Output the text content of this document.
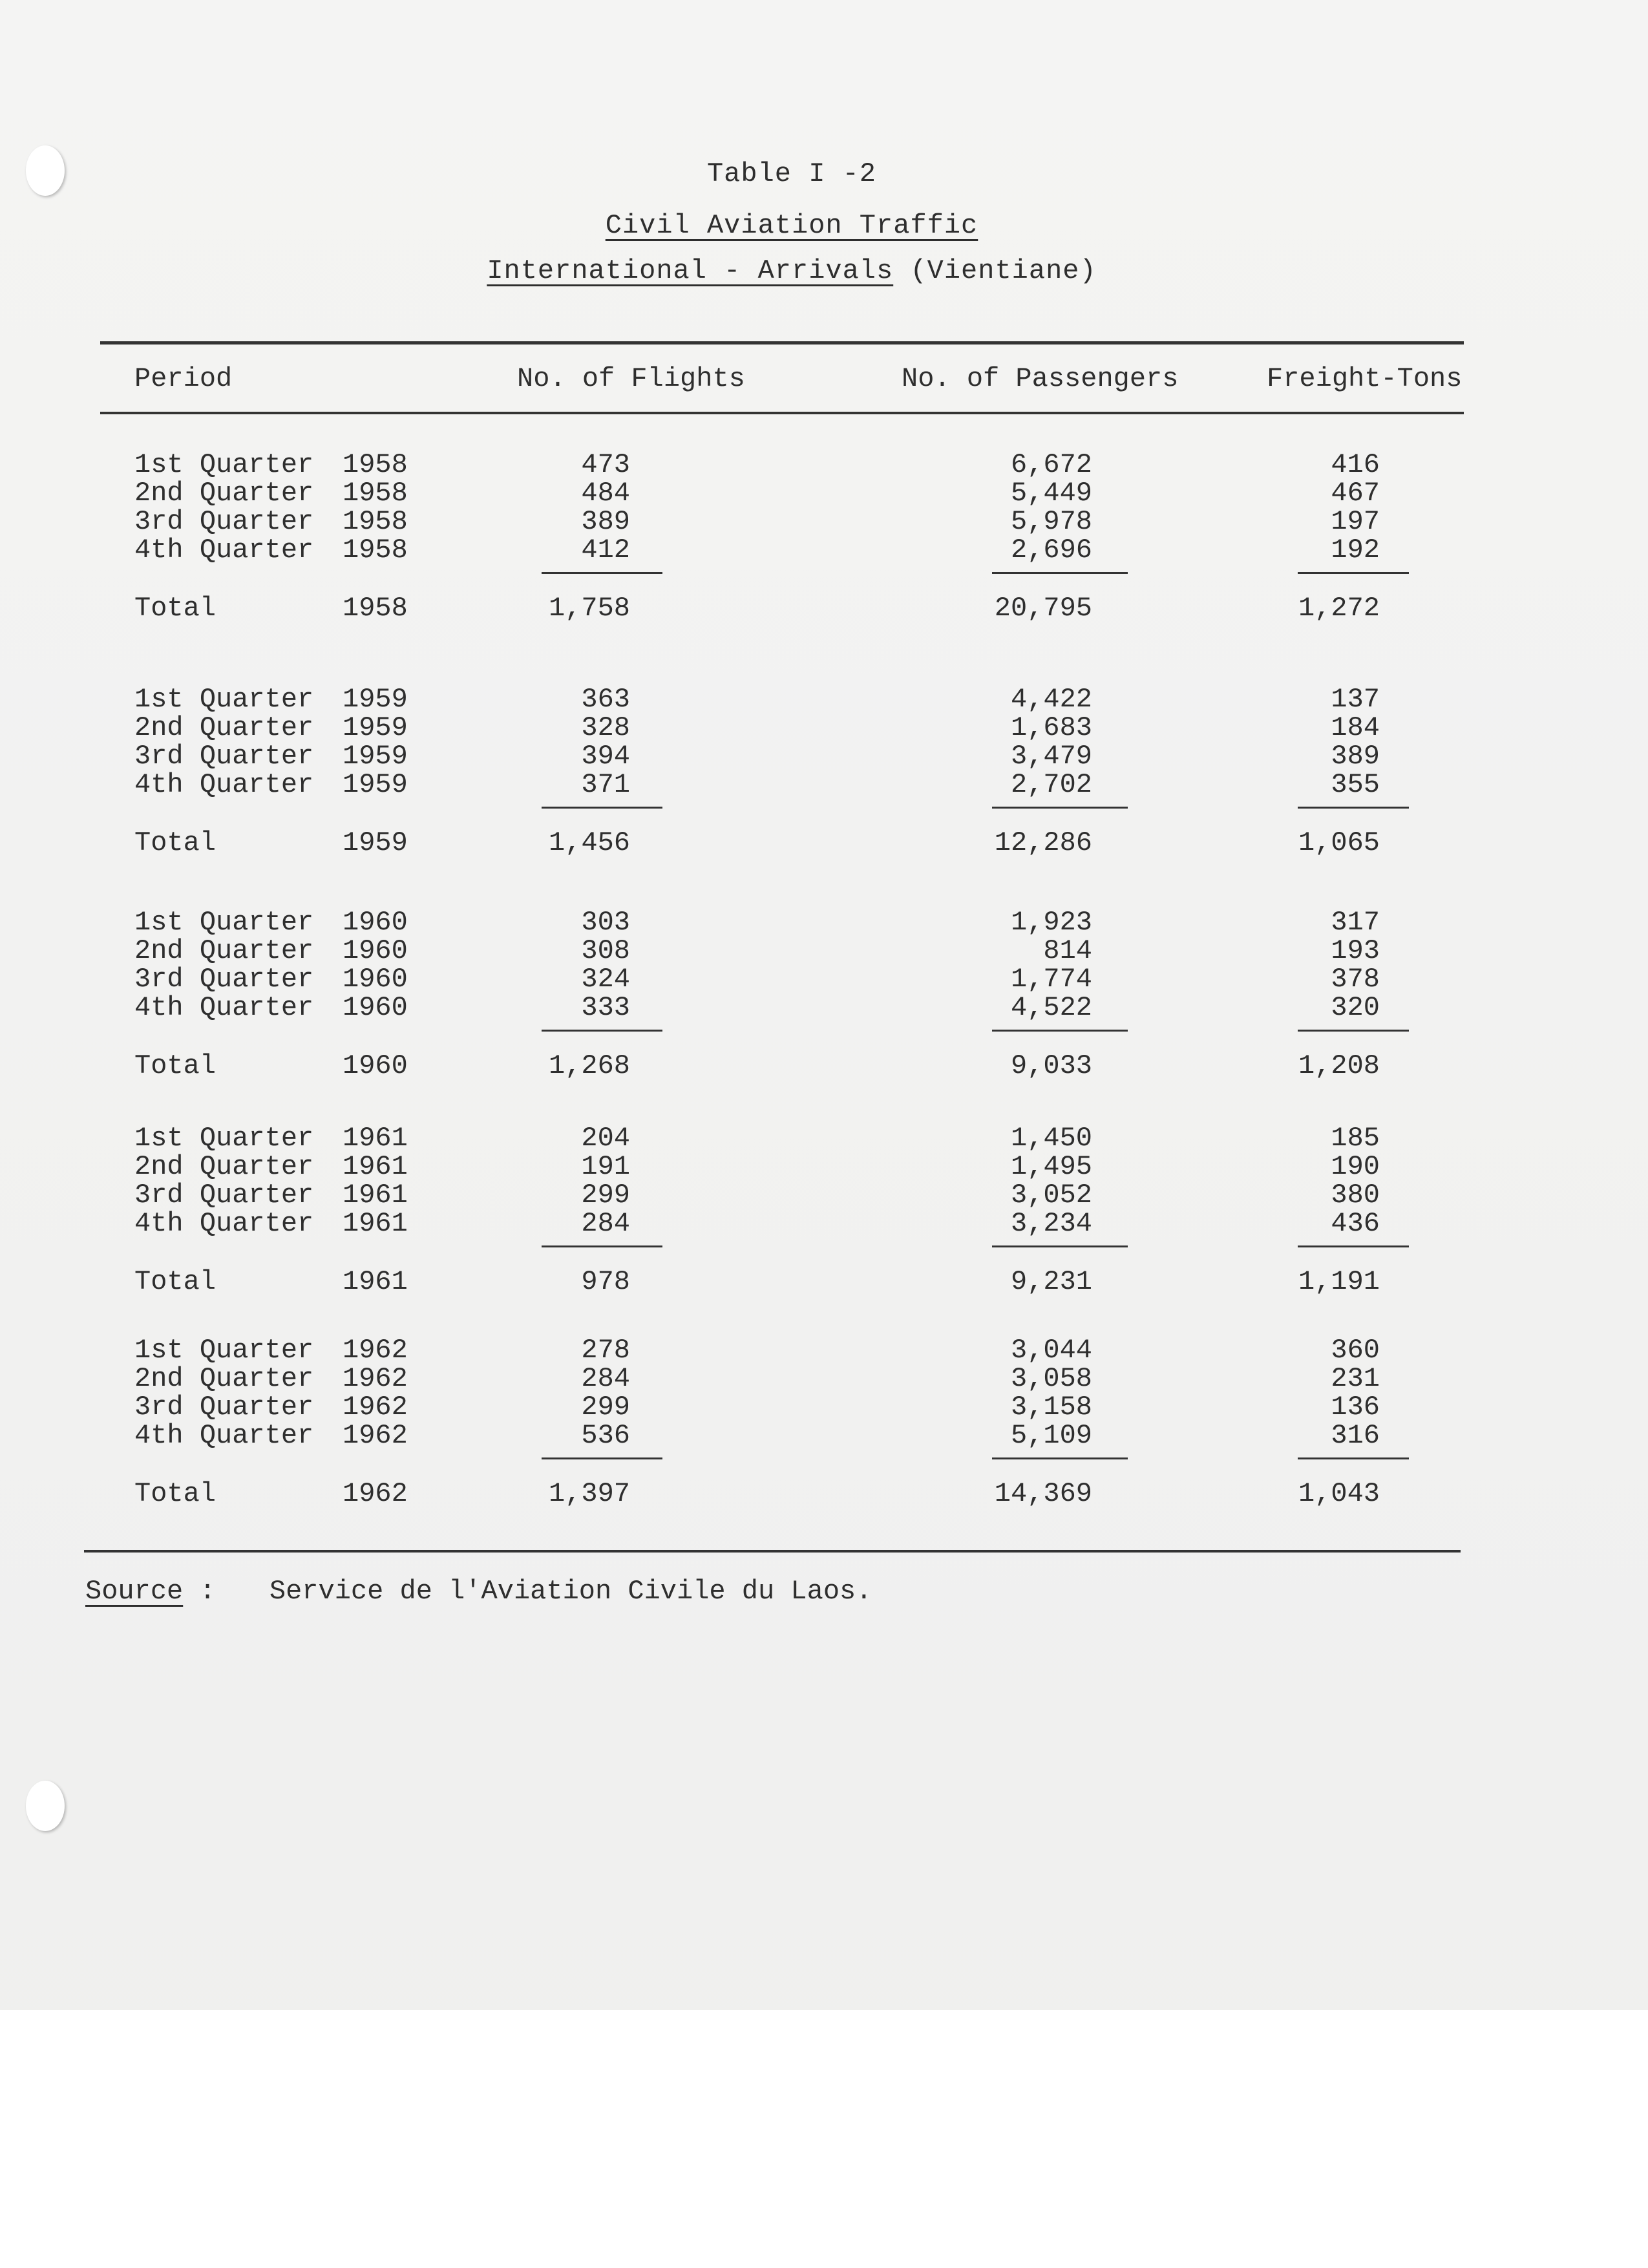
Table I -2
Civil Aviation Traffic
International - Arrivals (Vientiane)
Period	No. of Flights	No. of Passengers	Freight-Tons
1st Quarter 1958	473	6,672	416
2nd Quarter 1958	484	5,449	467
3rd Quarter 1958	389	5,978	197
4th Quarter 1958	412	2,696	192
Total	1958	1,758	20,795	1,272
1st Quarter 1959	363	4,422	137
2nd Quarter 1959	328	1,683	184
3rd Quarter 1959	394	3,479	389
4th Quarter 1959	371	2,702	355
Total	1959	1,456	12,286	1,065
1st Quarter 1960	303	1,923	317
2nd Quarter 1960	308	814	193
3rd Quarter 1960	324	1,774	378
4th Quarter 1960	333	4,522	320
Total	1960	1,268	9,033	1,208
1st Quarter 1961	204	1,450	185
2nd Quarter 1961	191	1,495	190
3rd Quarter 1961	299	3,052	380
4th Quarter 1961	284	3,234	436
Total	1961	978	9,231	1,191
1st Quarter 1962	278	3,044	360
2nd Quarter 1962	284	3,058	231
3rd Quarter 1962	299	3,158	136
4th Quarter 1962	536	5,109	316
Total	1962	1,397	14,369	1,043
Source : Service de l'Aviation Civile du Laos.
